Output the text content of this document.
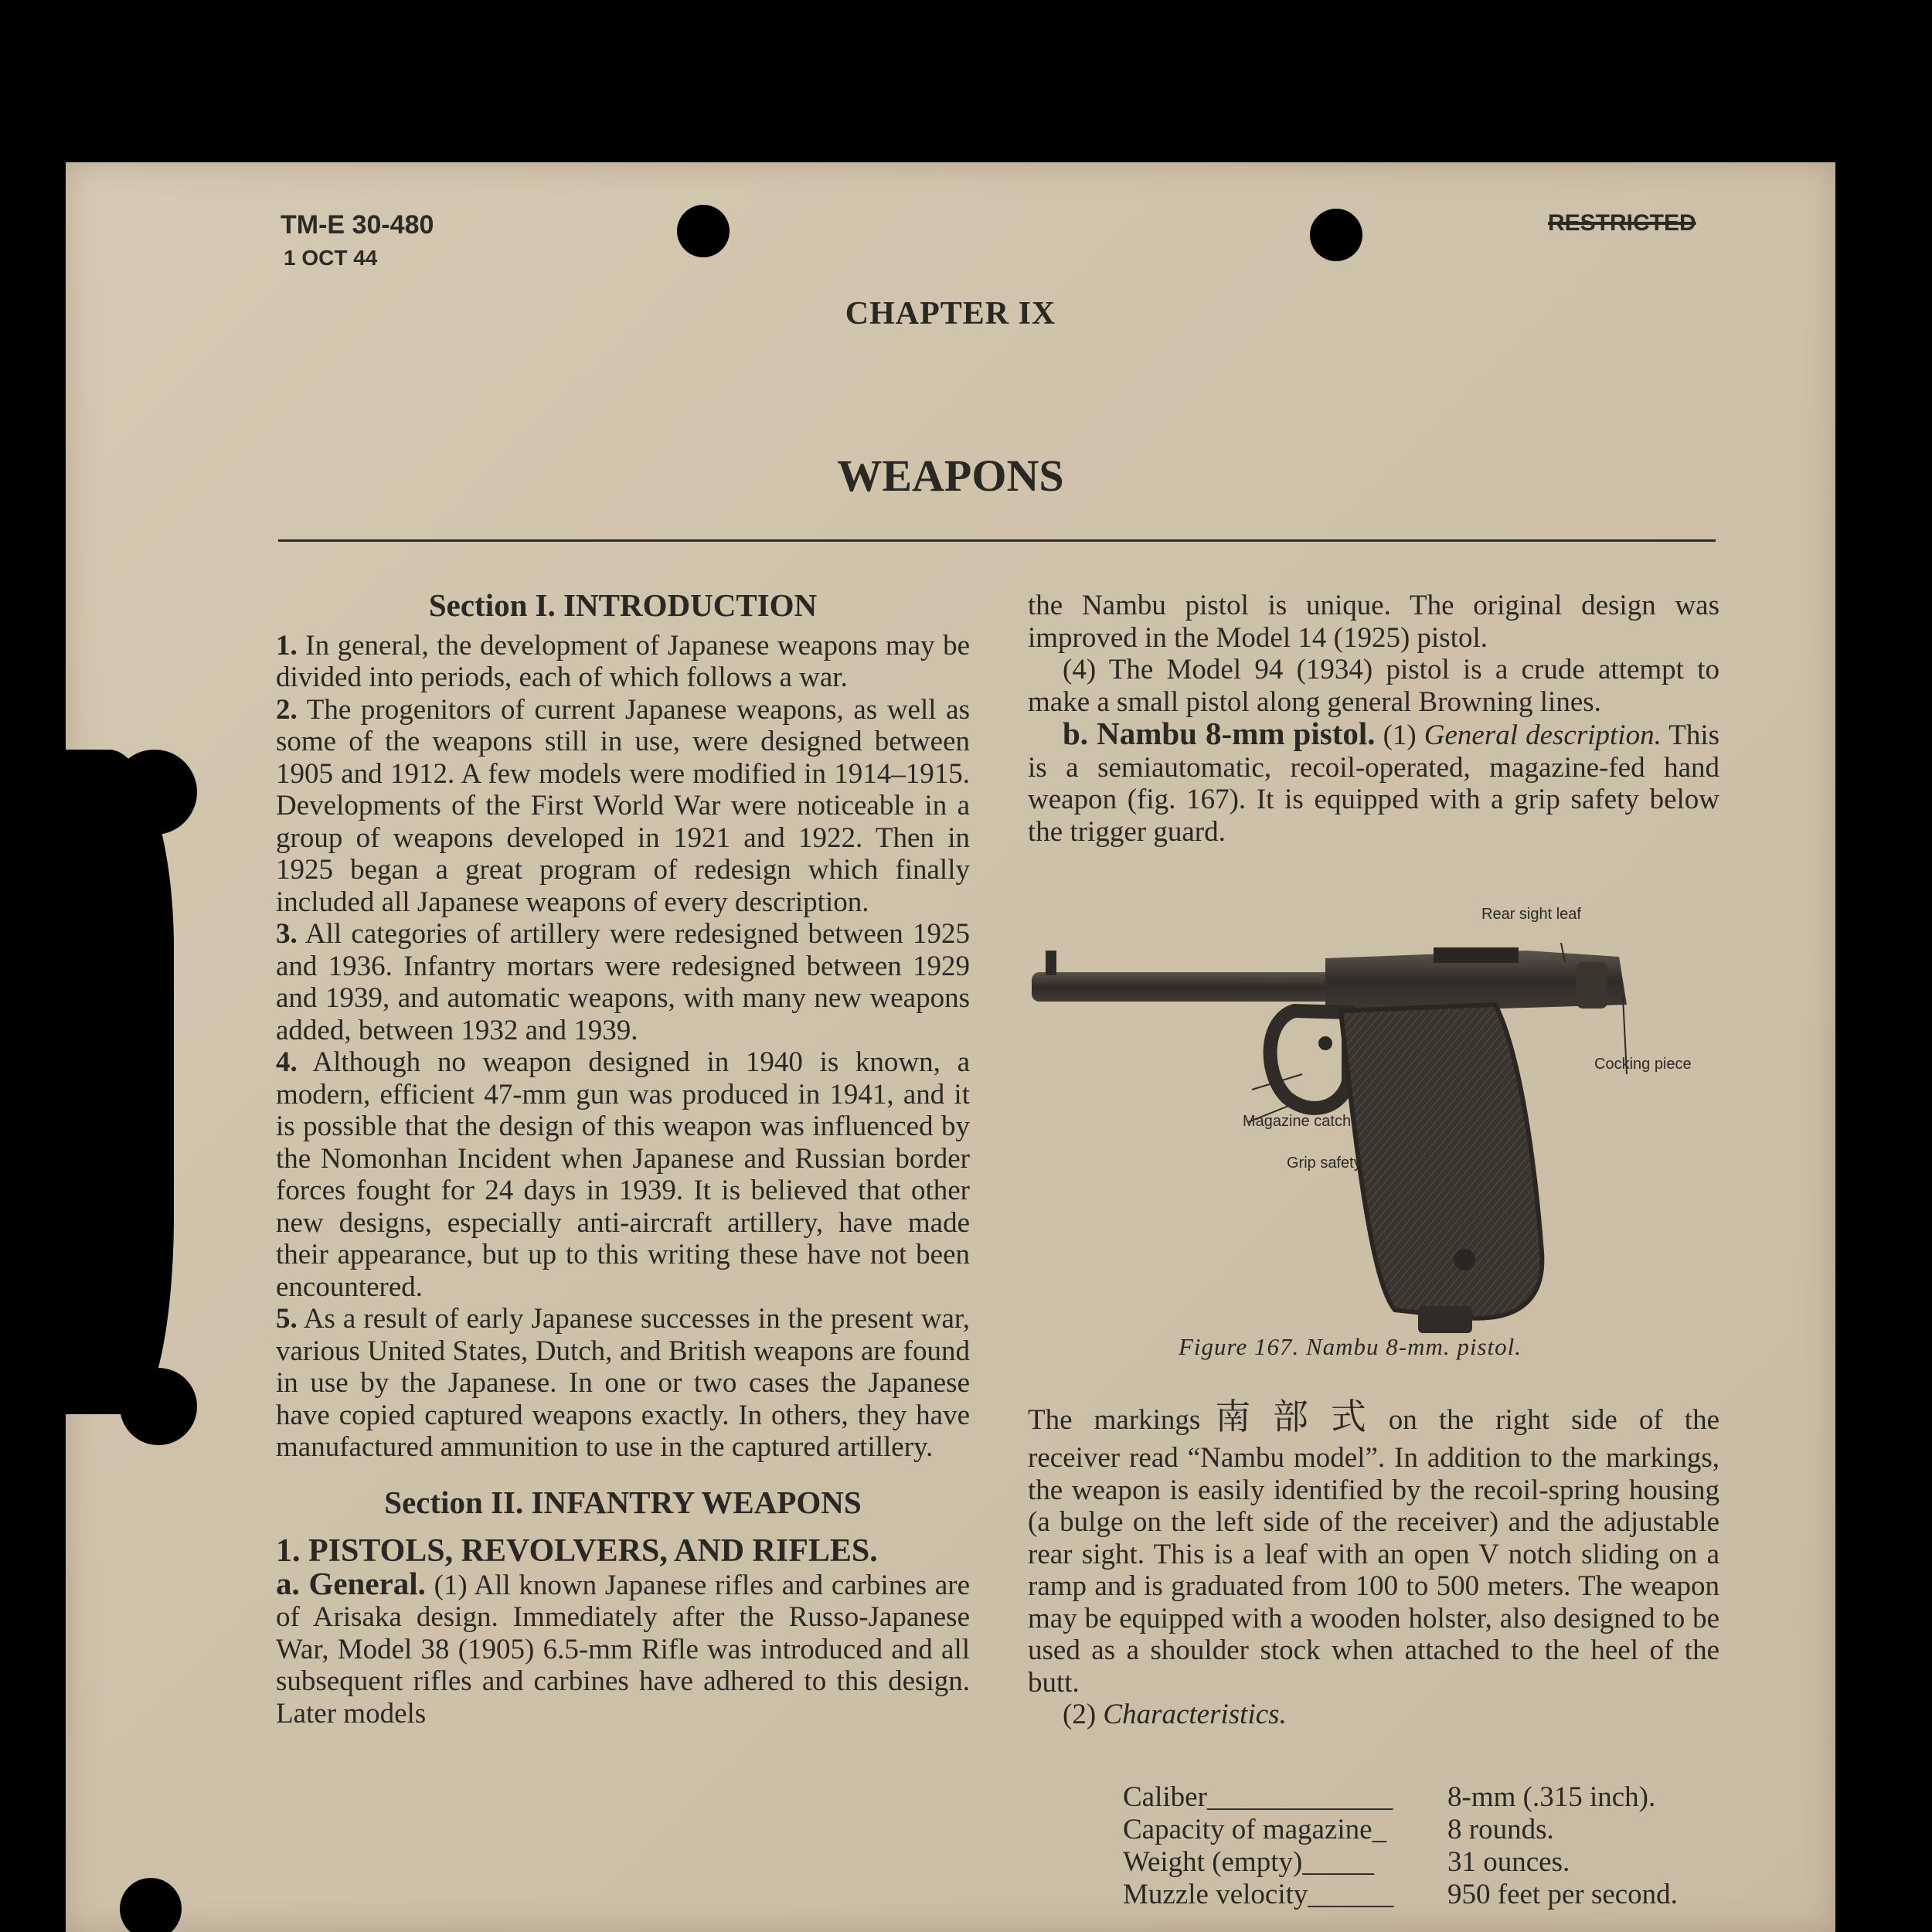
TM-E 30-480
1 OCT 44
RESTRICTED
CHAPTER IX
WEAPONS

Section I. INTRODUCTION

1. In general, the development of Japanese weapons may be divided into periods, each of which follows a war.

2. The progenitors of current Japanese weapons, as well as some of the weapons still in use, were designed between 1905 and 1912. A few models were modified in 1914–1915. Developments of the First World War were noticeable in a group of weapons developed in 1921 and 1922. Then in 1925 began a great program of redesign which finally included all Japanese weapons of every description.

3. All categories of artillery were redesigned between 1925 and 1936. Infantry mortars were redesigned between 1929 and 1939, and automatic weapons, with many new weapons added, between 1932 and 1939.

4. Although no weapon designed in 1940 is known, a modern, efficient 47-mm gun was produced in 1941, and it is possible that the design of this weapon was influenced by the Nomonhan Incident when Japanese and Russian border forces fought for 24 days in 1939. It is believed that other new designs, especially anti-aircraft artillery, have made their appearance, but up to this writing these have not been encountered.

5. As a result of early Japanese successes in the present war, various United States, Dutch, and British weapons are found in use by the Japanese. In one or two cases the Japanese have copied captured weapons exactly. In others, they have manufactured ammunition to use in the captured artillery.

Section II. INFANTRY WEAPONS

1. PISTOLS, REVOLVERS, AND RIFLES.

a. General. (1) All known Japanese rifles and carbines are of Arisaka design. Immediately after the Russo-Japanese War, Model 38 (1905) 6.5-mm Rifle was introduced and all subsequent rifles and carbines have adhered to this design. Later models

the Nambu pistol is unique. The original design was improved in the Model 14 (1925) pistol.

(4) The Model 94 (1934) pistol is a crude attempt to make a small pistol along general Browning lines.

b. Nambu 8-mm pistol. (1) General description. This is a semiautomatic, recoil-operated, magazine-fed hand weapon (fig. 167). It is equipped with a grip safety below the trigger guard.

Rear sight leaf
Cocking piece
Magazine catch
Grip safety
Figure 167. Nambu 8-mm. pistol.

The markings南部式on the right side of the

receiver read “Nambu model”. In addition to the markings, the weapon is easily identified by the recoil-spring housing (a bulge on the left side of the receiver) and the adjustable rear sight. This is a leaf with an open V notch sliding on a ramp and is graduated from 100 to 500 meters. The weapon may be equipped with a wooden holster, also designed to be used as a shoulder stock when attached to the heel of the butt.

(2) Characteristics.

Caliber_____________	8-mm (.315 inch).
Capacity of magazine_	8 rounds.
Weight (empty)_____	31 ounces.
Muzzle velocity______	950 feet per second.
